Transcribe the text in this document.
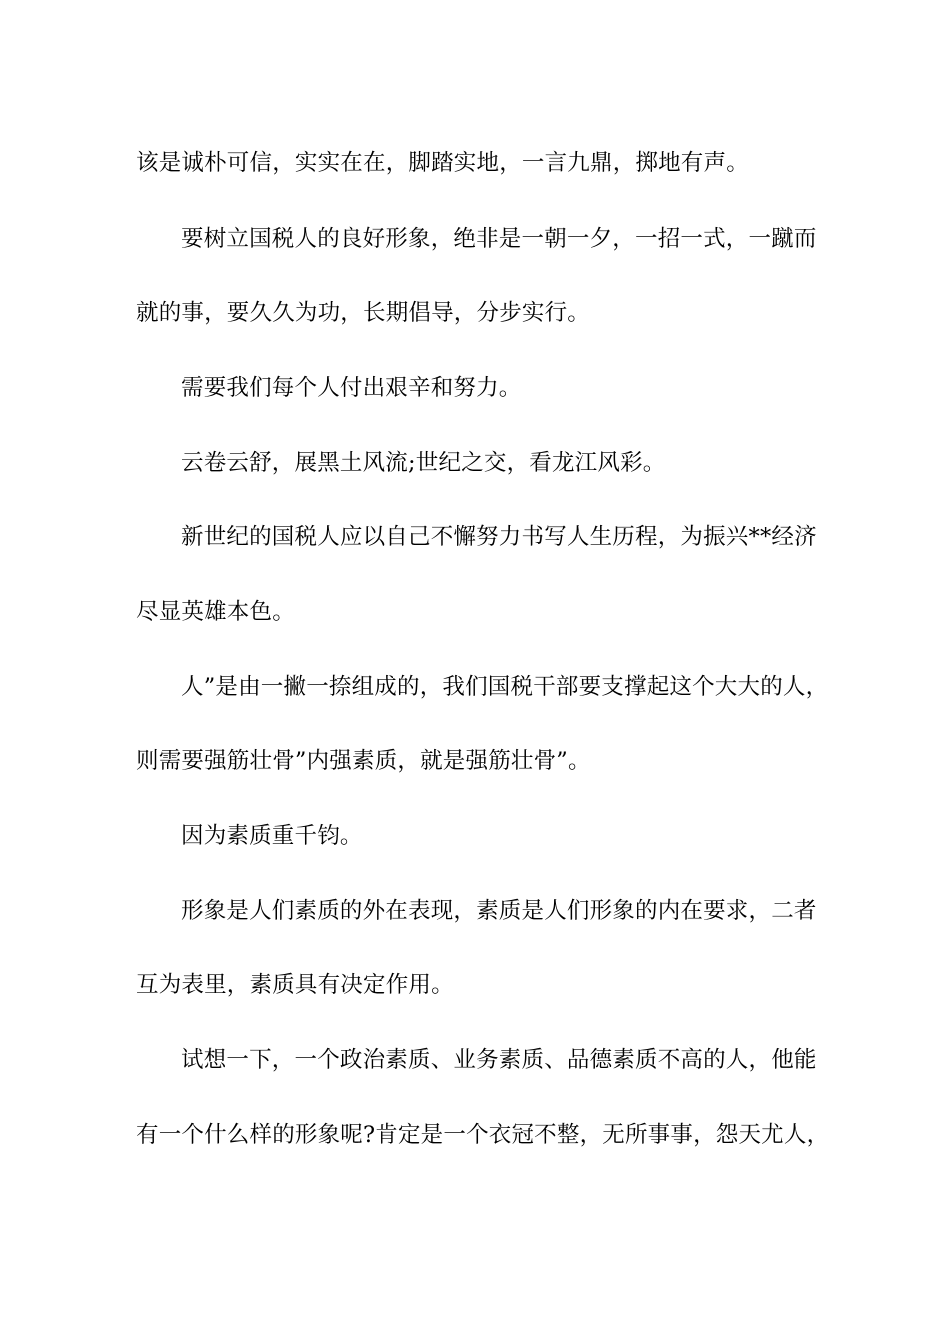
该是诚朴可信，实实在在，脚踏实地，一言九鼎，掷地有声。
要树立国税人的良好形象，绝非是一朝一夕，一招一式，一蹴而
就的事，要久久为功，长期倡导，分步实行。
需要我们每个人付出艰辛和努力。
云卷云舒，展黑土风流;世纪之交，看龙江风彩。
新世纪的国税人应以自己不懈努力书写人生历程，为振兴**经济
尽显英雄本色。
人”是由一撇一捺组成的，我们国税干部要支撑起这个大大的人，
则需要强筋壮骨”内强素质，就是强筋壮骨”。
因为素质重千钧。
形象是人们素质的外在表现，素质是人们形象的内在要求，二者
互为表里，素质具有决定作用。
试想一下，一个政治素质、业务素质、品德素质不高的人，他能
有一个什么样的形象呢?肯定是一个衣冠不整，无所事事，怨天尤人，
